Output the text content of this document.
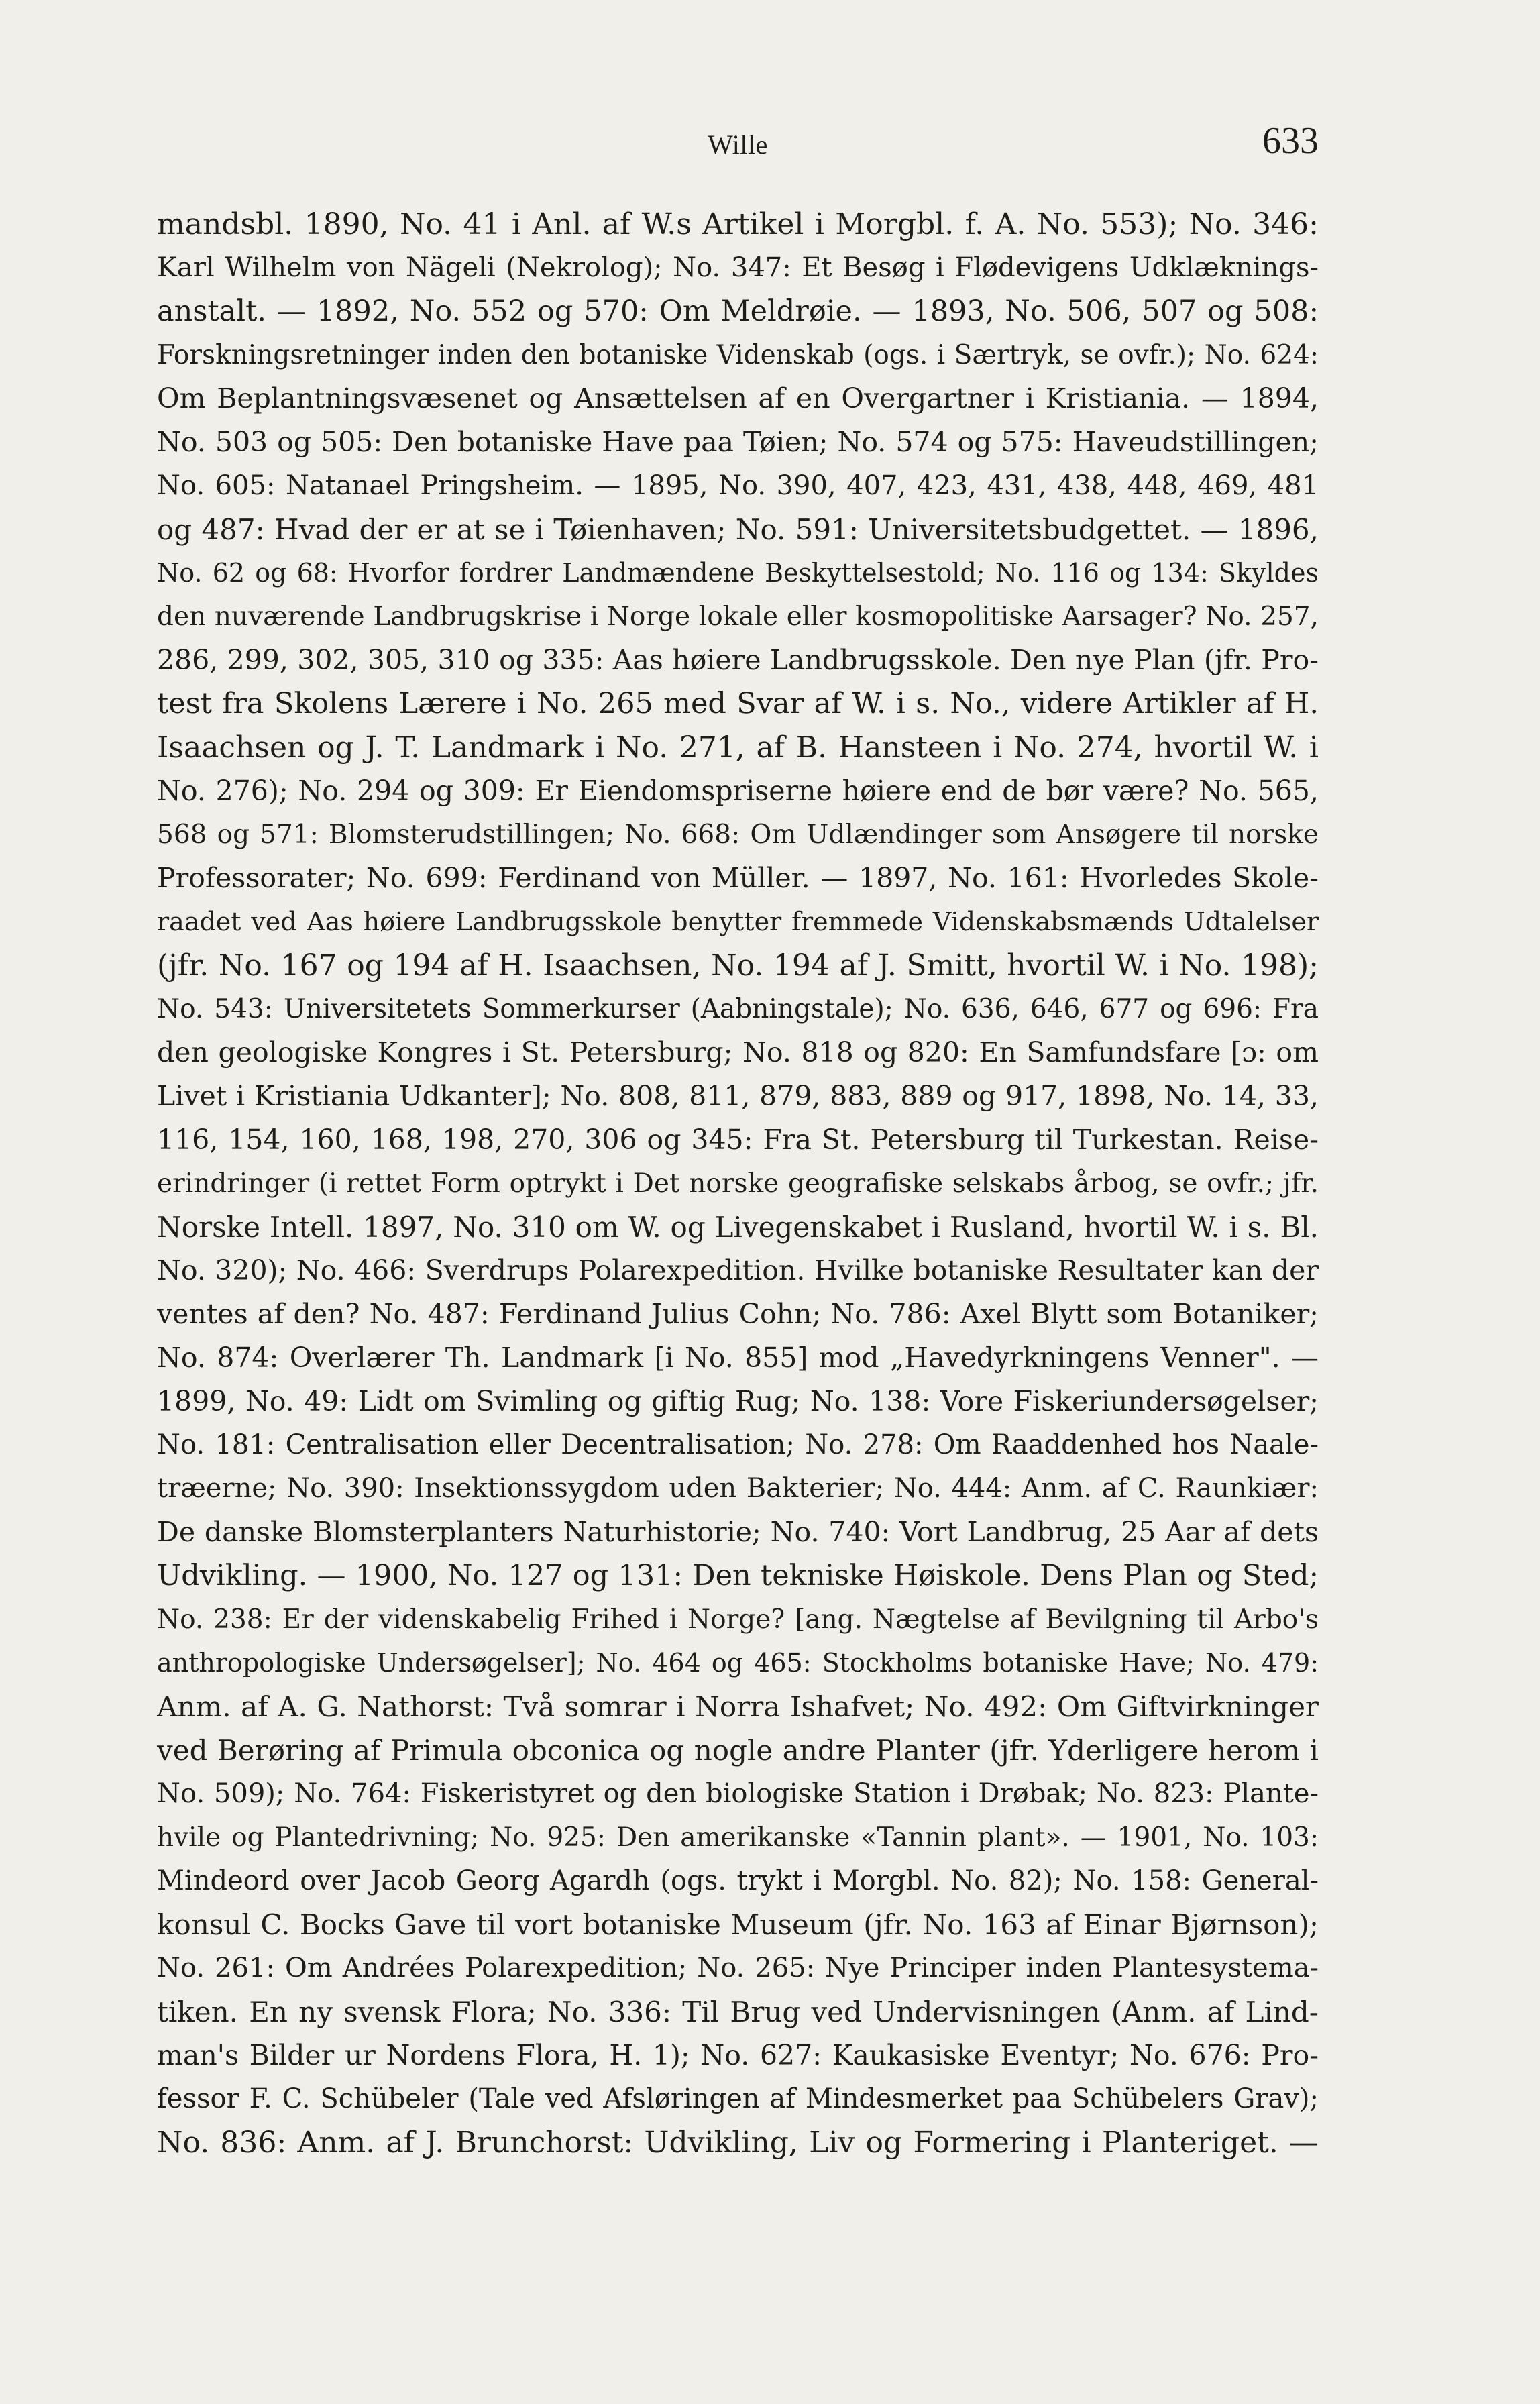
Wille	633
mandsbl. 1890, No. 41 i Anl. af W.s Artikel i Morgbl. f. A. No. 553); No. 346:
Karl Wilhelm von Nägeli (Nekrolog); No. 347: Et Besøg i Flødevigens Udklæknings-
anstalt. — 1892, No. 552 og 570: Om Meldrøie. — 1893, No. 506, 507 og 508:
Forskningsretninger inden den botaniske Videnskab (ogs. i Særtryk, se ovfr.); No. 624:
Om Beplantningsvæsenet og Ansættelsen af en Overgartner i Kristiania. — 1894,
No. 503 og 505: Den botaniske Have paa Tøien; No. 574 og 575: Haveudstillingen;
No. 605: Natanael Pringsheim. — 1895, No. 390, 407, 423, 431, 438, 448, 469, 481
og 487: Hvad der er at se i Tøienhaven; No. 591: Universitetsbudgettet. — 1896,
No. 62 og 68: Hvorfor fordrer Landmændene Beskyttelsestold; No. 116 og 134: Skyldes
den nuværende Landbrugskrise i Norge lokale eller kosmopolitiske Aarsager? No. 257,
286, 299, 302, 305, 310 og 335: Aas høiere Landbrugsskole. Den nye Plan (jfr. Pro-
test fra Skolens Lærere i No. 265 med Svar af W. i s. No., videre Artikler af H.
Isaachsen og J. T. Landmark i No. 271, af B. Hansteen i No. 274, hvortil W. i
No. 276); No. 294 og 309: Er Eiendomspriserne høiere end de bør være? No. 565,
568 og 571: Blomsterudstillingen; No. 668: Om Udlændinger som Ansøgere til norske
Professorater; No. 699: Ferdinand von Müller. — 1897, No. 161: Hvorledes Skole-
raadet ved Aas høiere Landbrugsskole benytter fremmede Videnskabsmænds Udtalelser
(jfr. No. 167 og 194 af H. Isaachsen, No. 194 af J. Smitt, hvortil W. i No. 198);
No. 543: Universitetets Sommerkurser (Aabningstale); No. 636, 646, 677 og 696: Fra
den geologiske Kongres i St. Petersburg; No. 818 og 820: En Samfundsfare [ɔ: om
Livet i Kristiania Udkanter]; No. 808, 811, 879, 883, 889 og 917, 1898, No. 14, 33,
116, 154, 160, 168, 198, 270, 306 og 345: Fra St. Petersburg til Turkestan. Reise-
erindringer (i rettet Form optrykt i Det norske geografiske selskabs årbog, se ovfr.; jfr.
Norske Intell. 1897, No. 310 om W. og Livegenskabet i Rusland, hvortil W. i s. Bl.
No. 320); No. 466: Sverdrups Polarexpedition. Hvilke botaniske Resultater kan der
ventes af den? No. 487: Ferdinand Julius Cohn; No. 786: Axel Blytt som Botaniker;
No. 874: Overlærer Th. Landmark [i No. 855] mod „Havedyrkningens Venner". —
1899, No. 49: Lidt om Svimling og giftig Rug; No. 138: Vore Fiskeriundersøgelser;
No. 181: Centralisation eller Decentralisation; No. 278: Om Raaddenhed hos Naale-
træerne; No. 390: Insektionssygdom uden Bakterier; No. 444: Anm. af C. Raunkiær:
De danske Blomsterplanters Naturhistorie; No. 740: Vort Landbrug, 25 Aar af dets
Udvikling. — 1900, No. 127 og 131: Den tekniske Høiskole. Dens Plan og Sted;
No. 238: Er der videnskabelig Frihed i Norge? [ang. Nægtelse af Bevilgning til Arbo's
anthropologiske Undersøgelser]; No. 464 og 465: Stockholms botaniske Have; No. 479:
Anm. af A. G. Nathorst: Två somrar i Norra Ishafvet; No. 492: Om Giftvirkninger
ved Berøring af Primula obconica og nogle andre Planter (jfr. Yderligere herom i
No. 509); No. 764: Fiskeristyret og den biologiske Station i Drøbak; No. 823: Plante-
hvile og Plantedrivning; No. 925: Den amerikanske «Tannin plant». — 1901, No. 103:
Mindeord over Jacob Georg Agardh (ogs. trykt i Morgbl. No. 82); No. 158: General-
konsul C. Bocks Gave til vort botaniske Museum (jfr. No. 163 af Einar Bjørnson);
No. 261: Om Andrées Polarexpedition; No. 265: Nye Principer inden Plantesystema-
tiken. En ny svensk Flora; No. 336: Til Brug ved Undervisningen (Anm. af Lind-
man's Bilder ur Nordens Flora, H. 1); No. 627: Kaukasiske Eventyr; No. 676: Pro-
fessor F. C. Schübeler (Tale ved Afsløringen af Mindesmerket paa Schübelers Grav);
No. 836: Anm. af J. Brunchorst: Udvikling, Liv og Formering i Planteriget. —
